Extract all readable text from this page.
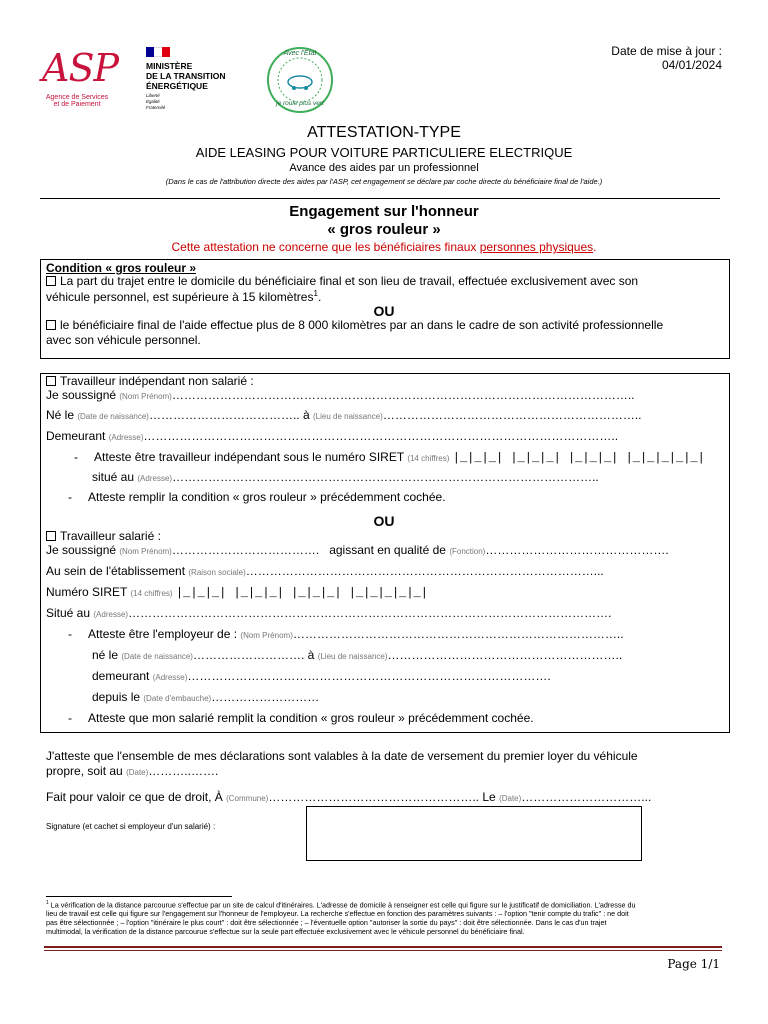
ASP
Agence de Services
et de Paiement
MINISTÈRE
DE LA TRANSITION
ÉNERGÉTIQUE
Liberté
Égalité
Fraternité
Avec l'État
je roule plus vert
Date de mise à jour :
04/01/2024
ATTESTATION-TYPE
AIDE LEASING POUR VOITURE PARTICULIERE ELECTRIQUE
Avance des aides par un professionnel
(Dans le cas de l'attribution directe des aides par l'ASP, cet engagement se déclare par coche directe du bénéficiaire final de l'aide.)
Engagement sur l'honneur
« gros rouleur »
Cette attestation ne concerne que les bénéficiaires finaux personnes physiques.
Condition « gros rouleur »
La part du trajet entre le domicile du bénéficiaire final et son lieu de travail, effectuée exclusivement avec son
véhicule personnel, est supérieure à 15 kilomètres$^1$.
OU
le bénéficiaire final de l'aide effectue plus de 8 000 kilomètres par an dans le cadre de son activité professionnelle
avec son véhicule personnel.
Travailleur indépendant non salarié :
Je soussigné (Nom Prénom)……………………………………………………………………………………………………..
Né le (Date de naissance)……………………………….. à (Lieu de naissance)………………………………………………………..
Demeurant (Adresse)………………………………………………………………………………………………………..
- Atteste être travailleur indépendant sous le numéro SIRET (14 chiffres) |_|_|_| |_|_|_| |_|_|_| |_|_|_|_|_|
situé au (Adresse)……………………………………………………………………………………………..
- Atteste remplir la condition « gros rouleur » précédemment cochée.
OU
Travailleur salarié :
Je soussigné (Nom Prénom)………………………………. agissant en qualité de (Fonction)……………………………………….
Au sein de l'établissement (Raison sociale)……………………………………………………………………………...
Numéro SIRET (14 chiffres) |_|_|_| |_|_|_| |_|_|_| |_|_|_|_|_|
Situé au (Adresse)………………………………………………………………………………………………………….
- Atteste être l'employeur de : (Nom Prénom)………………………………………………………………………..
né le (Date de naissance)………………………. à (Lieu de naissance)…………………………………………………..
demeurant (Adresse)……………………………………………………………………………….
depuis le (Date d'embauche)………………………
- Atteste que mon salarié remplit la condition « gros rouleur » précédemment cochée.
J'atteste que l'ensemble de mes déclarations sont valables à la date de versement du premier loyer du véhicule
propre, soit au (Date)………..…….
Fait pour valoir ce que de droit, À (Commune)…………………………………………….. Le (Date)…………………………...
Signature (et cachet si employeur d'un salarié) :
$^1$ La vérification de la distance parcourue s'effectue par un site de calcul d'itinéraires. L'adresse de domicile à renseigner est celle qui figure sur le justificatif de domiciliation. L'adresse du
lieu de travail est celle qui figure sur l'engagement sur l'honneur de l'employeur. La recherche s'effectue en fonction des paramètres suivants : – l'option "tenir compte du trafic" : ne doit
pas être sélectionnée ; – l'option "itinéraire le plus court" : doit être sélectionnée ; – l'éventuelle option "autoriser la sortie du pays" : doit être sélectionnée. Dans le cas d'un trajet
multimodal, la vérification de la distance parcourue s'effectue sur la seule part effectuée exclusivement avec le véhicule personnel du bénéficiaire final.
Page 1/1
